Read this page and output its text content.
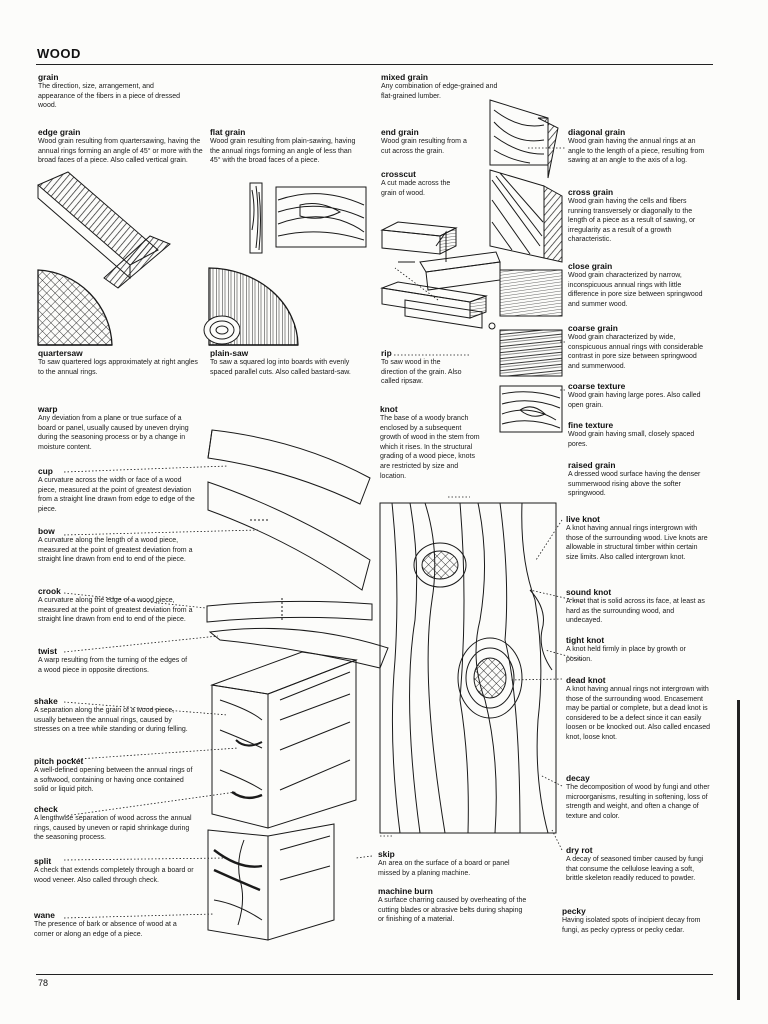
WOOD
grain
The direction, size, arrangement, and appearance of the fibers in a piece of dressed wood.
mixed grain
Any combination of edge-grained and flat-grained lumber.
edge grain
Wood grain resulting from quartersawing, having the annual rings forming an angle of 45° or more with the broad faces of a piece. Also called vertical grain.
flat grain
Wood grain resulting from plain-sawing, having the annual rings forming an angle of less than 45° with the broad faces of a piece.
end grain
Wood grain resulting from a cut across the grain.
crosscut
A cut made across the grain of wood.
diagonal grain
Wood grain having the annual rings at an angle to the length of a piece, resulting from sawing at an angle to the axis of a log.
cross grain
Wood grain having the cells and fibers running transversely or diagonally to the length of a piece as a result of sawing, or irregularity as a result of a growth characteristic.
close grain
Wood grain characterized by narrow, inconspicuous annual rings with little difference in pore size between springwood and summer wood.
coarse grain
Wood grain characterized by wide, conspicuous annual rings with considerable contrast in pore size between springwood and summerwood.
quartersaw
To saw quartered logs approximately at right angles to the annual rings.
plain-saw
To saw a squared log into boards with evenly spaced parallel cuts. Also called bastard-saw.
rip
To saw wood in the direction of the grain. Also called ripsaw.	coarse texture
Wood grain having large pores. Also called open grain.
fine texture
Wood grain having small, closely spaced pores.
raised grain
A dressed wood surface having the denser summerwood rising above the softer springwood.
warp
Any deviation from a plane or true surface of a board or panel, usually caused by uneven drying during the seasoning process or by a change in moisture content.
knot
The base of a woody branch enclosed by a subsequent growth of wood in the stem from which it rises. In the structural grading of a wood piece, knots are restricted by size and location.
cup
A curvature across the width or face of a wood piece, measured at the point of greatest deviation from a straight line drawn from edge to edge of the piece.
bow
A curvature along the length of a wood piece, measured at the point of greatest deviation from a straight line drawn from end to end of the piece.
live knot
A knot having annual rings intergrown with those of the surrounding wood. Live knots are allowable in structural timber within certain size limits. Also called intergrown knot.
crook
A curvature along the edge of a wood piece, measured at the point of greatest deviation from a straight line drawn from end to end of the piece.
sound knot
A knot that is solid across its face, at least as hard as the surrounding wood, and undecayed.
tight knot
A knot held firmly in place by growth or position.
twist
A warp resulting from the turning of the edges of a wood piece in opposite directions.
dead knot
A knot having annual rings not intergrown with those of the surrounding wood. Encasement may be partial or complete, but a dead knot is considered to be a defect since it can easily loosen or be knocked out. Also called encased knot, loose knot.
shake
A separation along the grain of a wood piece, usually between the annual rings, caused by stresses on a tree while standing or during felling.
pitch pocket
A well-defined opening between the annual rings of a softwood, containing or having once contained solid or liquid pitch.
decay
The decomposition of wood by fungi and other microorganisms, resulting in softening, loss of strength and weight, and often a change of texture and color.
check
A lengthwise separation of wood across the annual rings, caused by uneven or rapid shrinkage during the seasoning process.
dry rot
A decay of seasoned timber caused by fungi that consume the cellulose leaving a soft, brittle skeleton readily reduced to powder.
split
A check that extends completely through a board or wood veneer. Also called through check.
skip
An area on the surface of a board or panel missed by a planing machine.
machine burn
A surface charring caused by overheating of the cutting blades or abrasive belts during shaping or finishing of a material.
pecky
Having isolated spots of incipient decay from fungi, as pecky cypress or pecky cedar.
wane
The presence of bark or absence of wood at a corner or along an edge of a piece.
78
